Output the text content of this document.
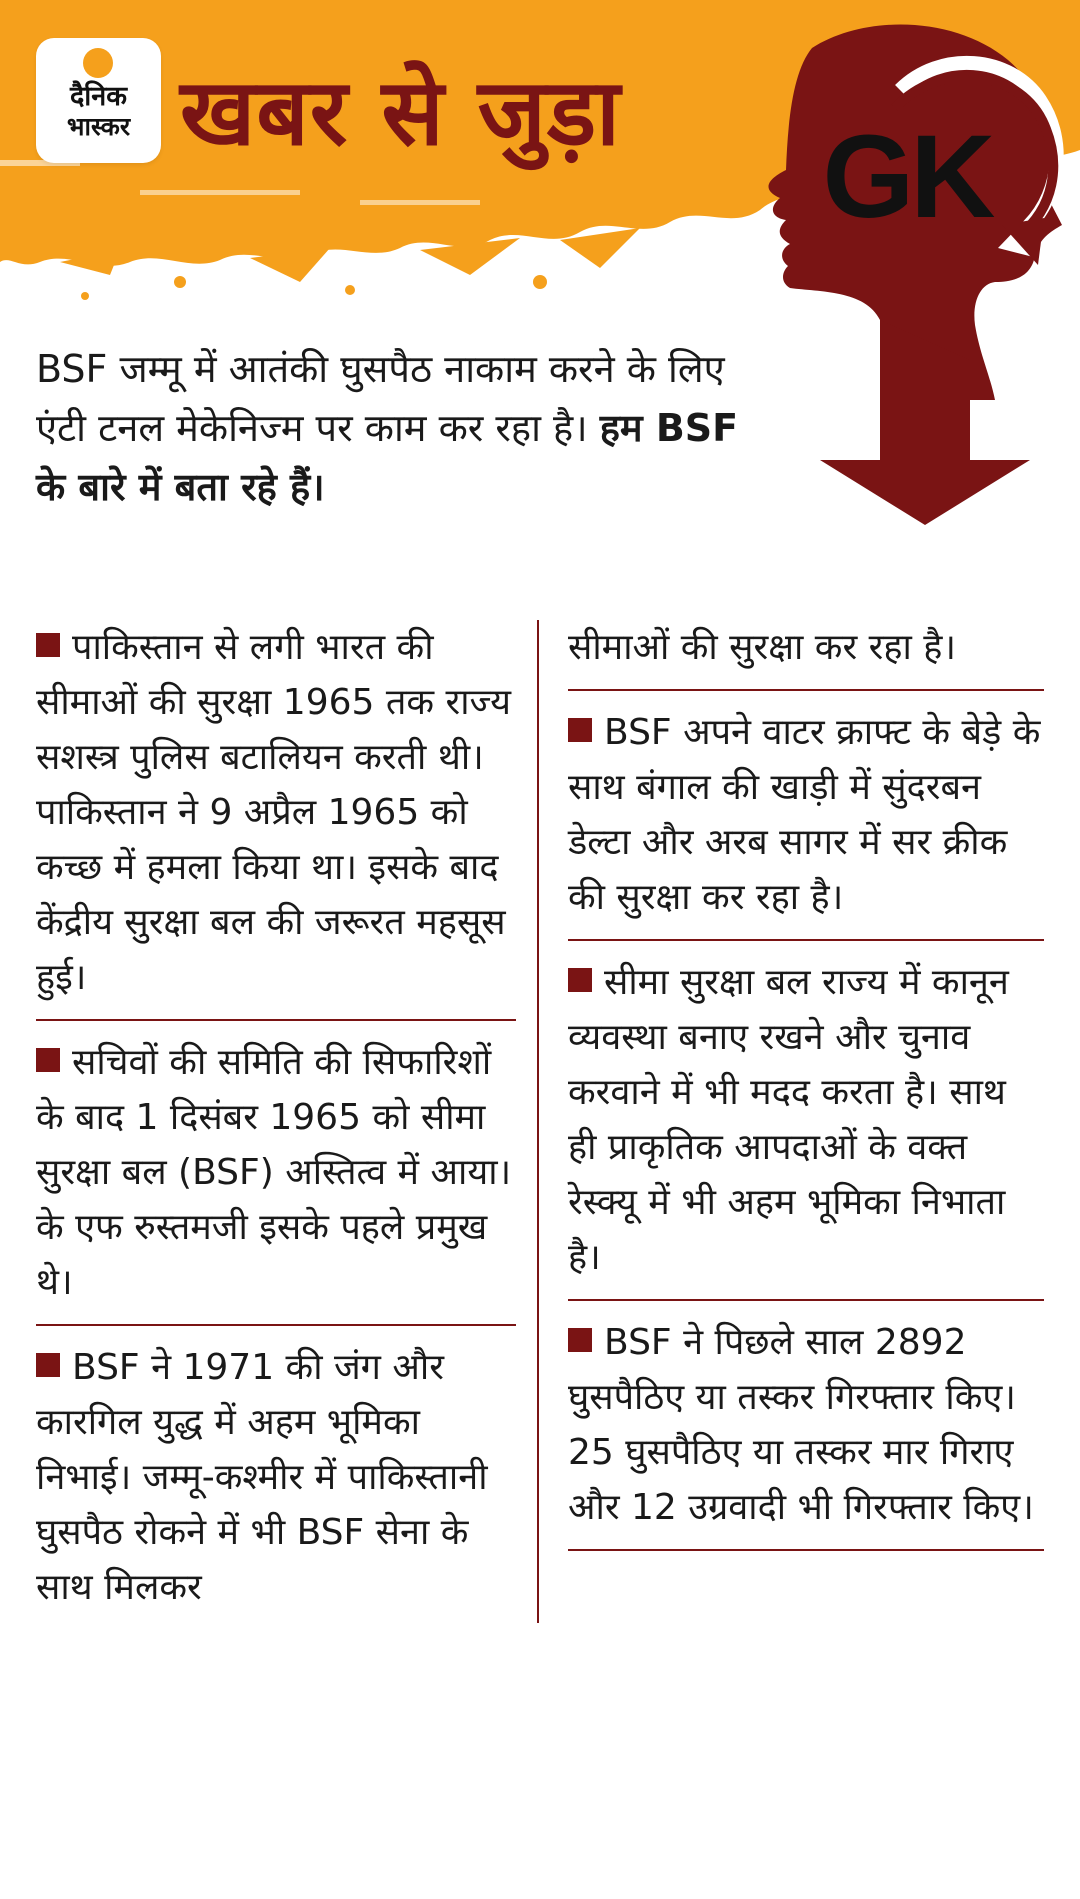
दैनिक
भास्कर खबर से जुड़ा GK
BSF जम्मू में आतंकी घुसपैठ नाकाम करने के लिए एंटी टनल मेकेनिज्म पर काम कर रहा है। हम BSF के बारे में बता रहे हैं।

पाकिस्तान से लगी भारत की सीमाओं की सुरक्षा 1965 तक राज्य सशस्त्र पुलिस बटालियन करती थी। पाकिस्तान ने 9 अप्रैल 1965 को कच्छ में हमला किया था। इसके बाद केंद्रीय सुरक्षा बल की जरूरत महसूस हुई।

सचिवों की समिति की सिफारिशों के बाद 1 दिसंबर 1965 को सीमा सुरक्षा बल (BSF) अस्तित्व में आया। के एफ रुस्तमजी इसके पहले प्रमुख थे।

BSF ने 1971 की जंग और कारगिल युद्ध में अहम भूमिका निभाई। जम्मू-कश्मीर में पाकिस्तानी घुसपैठ रोकने में भी BSF सेना के साथ मिलकर

सीमाओं की सुरक्षा कर रहा है।

BSF अपने वाटर क्राफ्ट के बेड़े के साथ बंगाल की खाड़ी में सुंदरबन डेल्टा और अरब सागर में सर क्रीक की सुरक्षा कर रहा है।

सीमा सुरक्षा बल राज्य में कानून व्यवस्था बनाए रखने और चुनाव करवाने में भी मदद करता है। साथ ही प्राकृतिक आपदाओं के वक्त रेस्क्यू में भी अहम भूमिका निभाता है।

BSF ने पिछले साल 2892 घुसपैठिए या तस्कर गिरफ्तार किए। 25 घुसपैठिए या तस्कर मार गिराए और 12 उग्रवादी भी गिरफ्तार किए।
